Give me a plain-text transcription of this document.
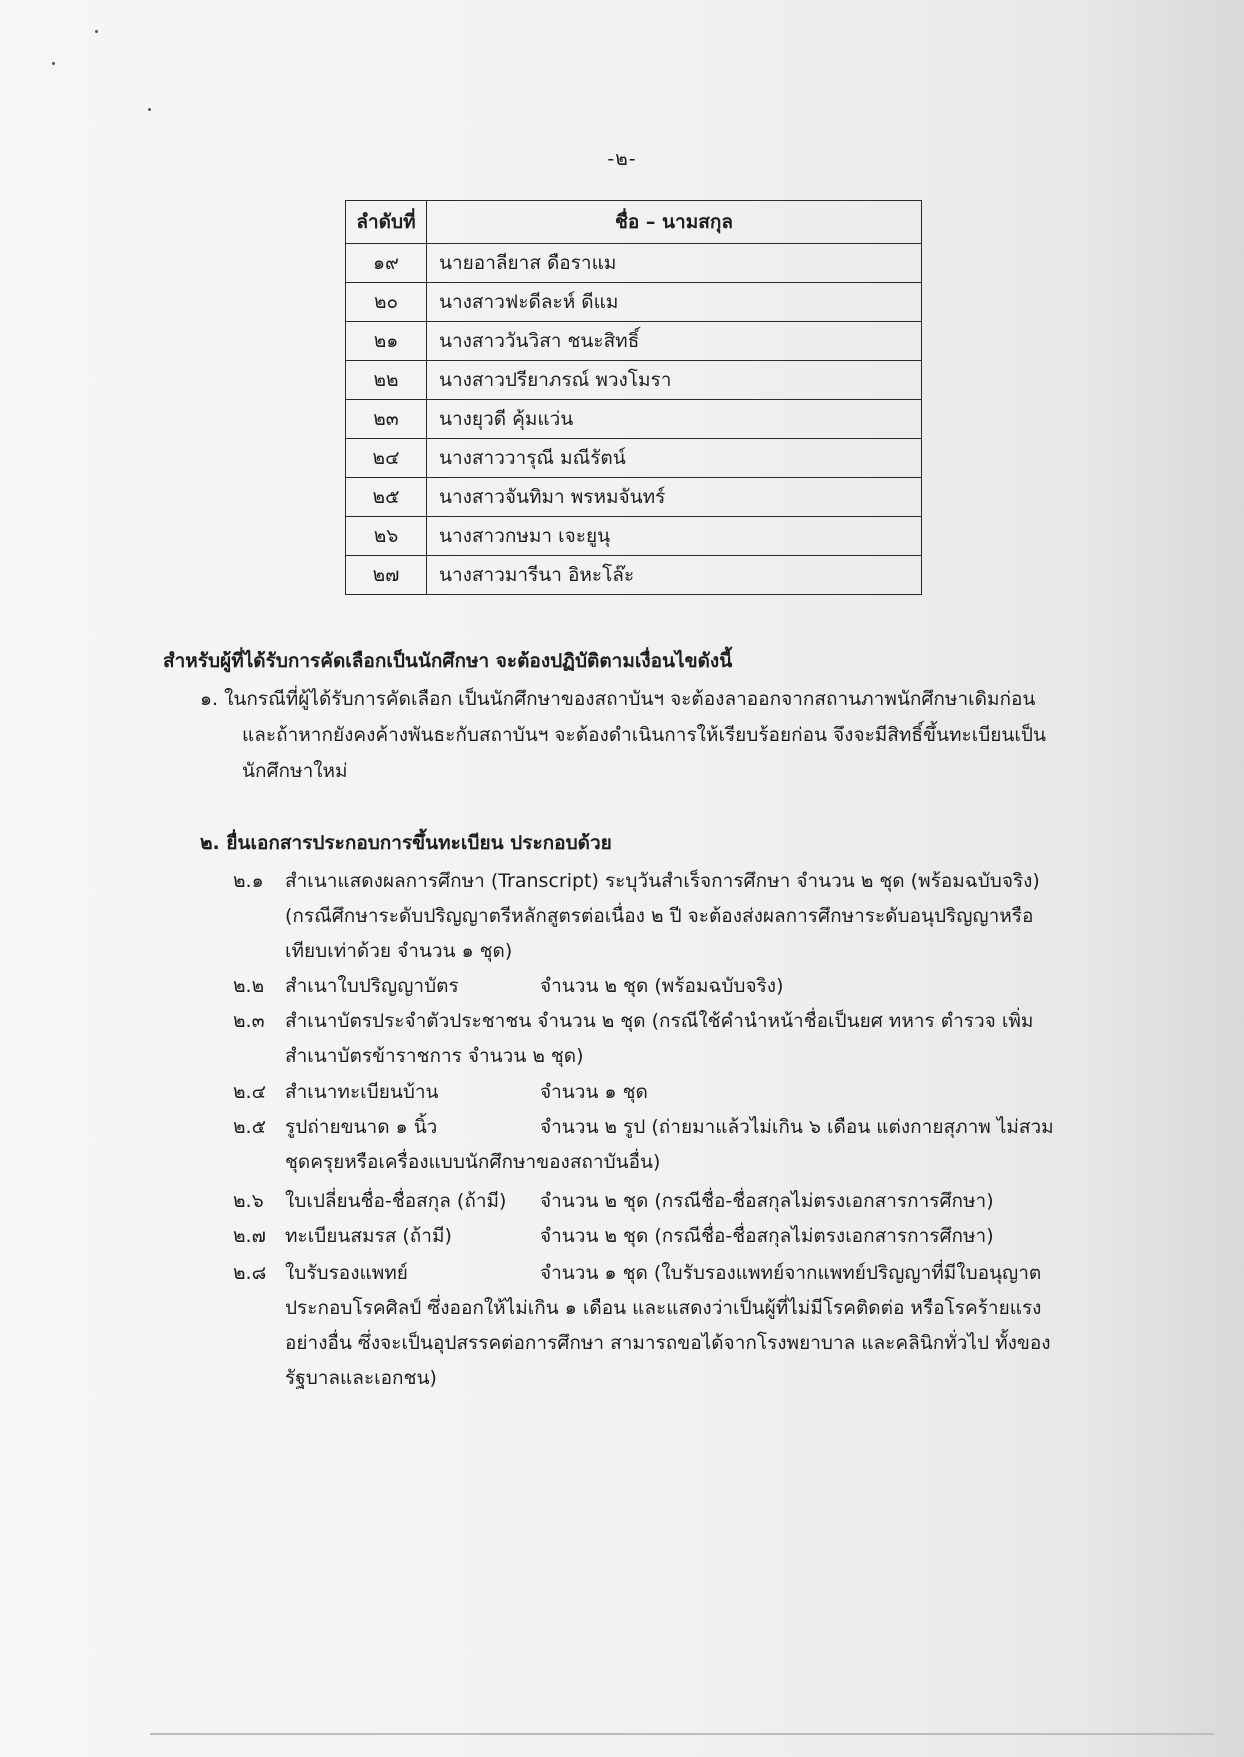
-๒-
ลำดับที่	ชื่อ – นามสกุล
๑๙	นายอาลียาส ดือราแม
๒๐	นางสาวฟะดีละห์ ดีแม
๒๑	นางสาววันวิสา ชนะสิทธิ์
๒๒	นางสาวปรียาภรณ์ พวงโมรา
๒๓	นางยุวดี คุ้มแว่น
๒๔	นางสาววารุณี มณีรัตน์
๒๕	นางสาวจันทิมา พรหมจันทร์
๒๖	นางสาวกษมา เจะยูนุ
๒๗	นางสาวมารีนา อิหะโล๊ะ
สำหรับผู้ที่ได้รับการคัดเลือกเป็นนักศึกษา จะต้องปฏิบัติตามเงื่อนไขดังนี้
๑. ในกรณีที่ผู้ได้รับการคัดเลือก เป็นนักศึกษาของสถาบันฯ จะต้องลาออกจากสถานภาพนักศึกษาเดิมก่อน
และถ้าหากยังคงค้างพันธะกับสถาบันฯ จะต้องดำเนินการให้เรียบร้อยก่อน จึงจะมีสิทธิ์ขึ้นทะเบียนเป็น
นักศึกษาใหม่
๒. ยื่นเอกสารประกอบการขึ้นทะเบียน ประกอบด้วย
๒.๑ สำเนาแสดงผลการศึกษา (Transcript) ระบุวันสำเร็จการศึกษา จำนวน ๒ ชุด (พร้อมฉบับจริง)
(กรณีศึกษาระดับปริญญาตรีหลักสูตรต่อเนื่อง ๒ ปี จะต้องส่งผลการศึกษาระดับอนุปริญญาหรือ
เทียบเท่าด้วย จำนวน ๑ ชุด)
๒.๒ สำเนาใบปริญญาบัตร	จำนวน ๒ ชุด (พร้อมฉบับจริง)
๒.๓ สำเนาบัตรประจำตัวประชาชน จำนวน ๒ ชุด (กรณีใช้คำนำหน้าชื่อเป็นยศ ทหาร ตำรวจ เพิ่ม
สำเนาบัตรข้าราชการ จำนวน ๒ ชุด)
๒.๔ สำเนาทะเบียนบ้าน	จำนวน ๑ ชุด
๒.๕ รูปถ่ายขนาด ๑ นิ้ว	จำนวน ๒ รูป (ถ่ายมาแล้วไม่เกิน ๖ เดือน แต่งกายสุภาพ ไม่สวม
ชุดครุยหรือเครื่องแบบนักศึกษาของสถาบันอื่น)
๒.๖ ใบเปลี่ยนชื่อ-ชื่อสกุล (ถ้ามี) จำนวน ๒ ชุด (กรณีชื่อ-ชื่อสกุลไม่ตรงเอกสารการศึกษา)
๒.๗ ทะเบียนสมรส (ถ้ามี)	จำนวน ๒ ชุด (กรณีชื่อ-ชื่อสกุลไม่ตรงเอกสารการศึกษา)
๒.๘ ใบรับรองแพทย์	จำนวน ๑ ชุด (ใบรับรองแพทย์จากแพทย์ปริญญาที่มีใบอนุญาต
ประกอบโรคศิลป์ ซึ่งออกให้ไม่เกิน ๑ เดือน และแสดงว่าเป็นผู้ที่ไม่มีโรคติดต่อ หรือโรคร้ายแรง
อย่างอื่น ซึ่งจะเป็นอุปสรรคต่อการศึกษา สามารถขอได้จากโรงพยาบาล และคลินิกทั่วไป ทั้งของ
รัฐบาลและเอกชน)
